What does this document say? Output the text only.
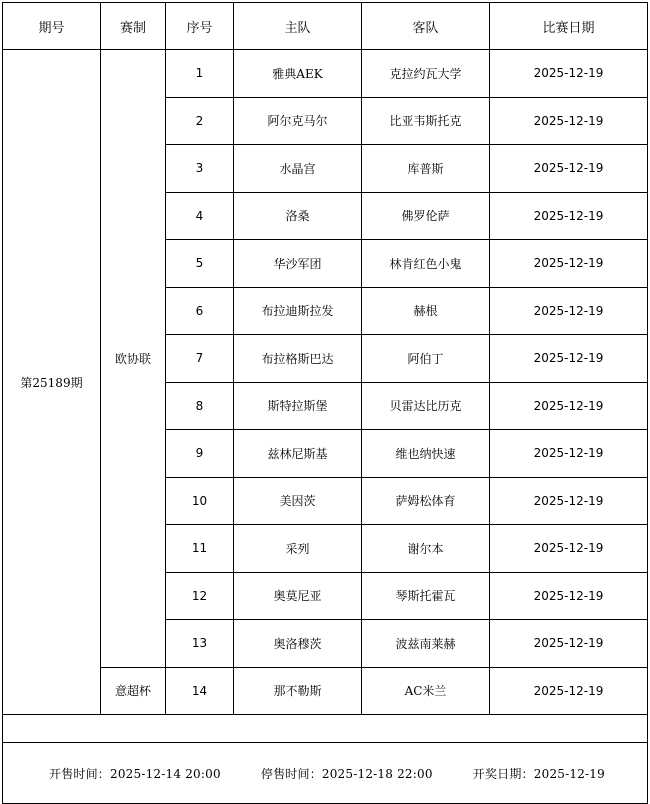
期号	赛制	序号	主队	客队	比赛日期
第25189期	欧协联	1	雅典AEK	克拉约瓦大学	2025-12-19
		2	阿尔克马尔	比亚韦斯托克	2025-12-19
		3	水晶宫	库普斯	2025-12-19
		4	洛桑	佛罗伦萨	2025-12-19
		5	华沙军团	林肯红色小鬼	2025-12-19
		6	布拉迪斯拉发	赫根	2025-12-19
		7	布拉格斯巴达	阿伯丁	2025-12-19
		8	斯特拉斯堡	贝雷达比历克	2025-12-19
		9	兹林尼斯基	维也纳快速	2025-12-19
		10	美因茨	萨姆松体育	2025-12-19
		11	采列	谢尔本	2025-12-19
		12	奥莫尼亚	琴斯托霍瓦	2025-12-19
		13	奥洛穆茨	波兹南莱赫	2025-12-19
	意超杯	14	那不勒斯	AC米兰	2025-12-19

开售时间：2025-12-14 20:00 停售时间：2025-12-18 22:00 开奖日期：2025-12-19					
